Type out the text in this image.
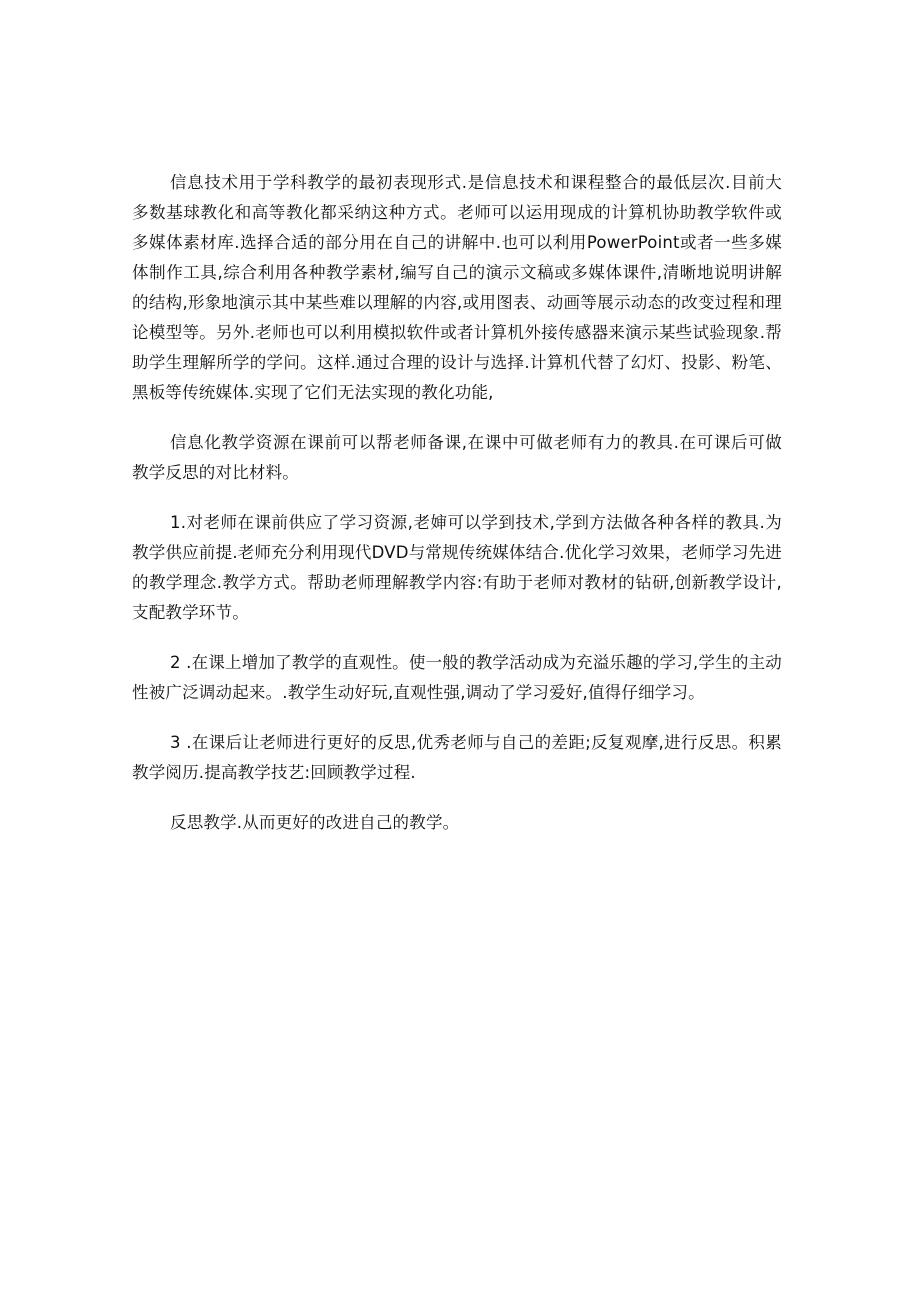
信息技术用于学科教学的最初表现形式.是信息技术和课程整合的最低层次.目前大多数基球教化和高等教化都采纳这种方式。老师可以运用现成的计算机协助教学软件或多媒体素材库.选择合适的部分用在自己的讲解中.也可以利用PowerPoint或者一些多媒体制作工具,综合利用各种教学素材,编写自己的演示文稿或多媒体课件,清晰地说明讲解的结构,形象地演示其中某些难以理解的内容,或用图表、动画等展示动态的改变过程和理论模型等。另外.老师也可以利用模拟软件或者计算机外接传感器来演示某些试验现象.帮助学生理解所学的学问。这样.通过合理的设计与选择.计算机代替了幻灯、投影、粉笔、黑板等传统媒体.实现了它们无法实现的教化功能,

信息化教学资源在课前可以帮老师备课,在课中可做老师有力的教具.在可课后可做教学反思的对比材料。

1.对老师在课前供应了学习资源,老婶可以学到技术,学到方法做各种各样的教具.为教学供应前提.老师充分利用现代DVD与常规传统媒体结合.优化学习效果，老师学习先进的教学理念.教学方式。帮助老师理解教学内容:有助于老师对教材的钻研,创新教学设计,支配教学环节。

2 .在课上增加了教学的直观性。使一般的教学活动成为充溢乐趣的学习,学生的主动性被广泛调动起来。.教学生动好玩,直观性强,调动了学习爱好,值得仔细学习。

3 .在课后让老师进行更好的反思,优秀老师与自己的差距;反复观摩,进行反思。积累教学阅历.提高教学技艺:回顾教学过程.

反思教学.从而更好的改进自己的教学。
